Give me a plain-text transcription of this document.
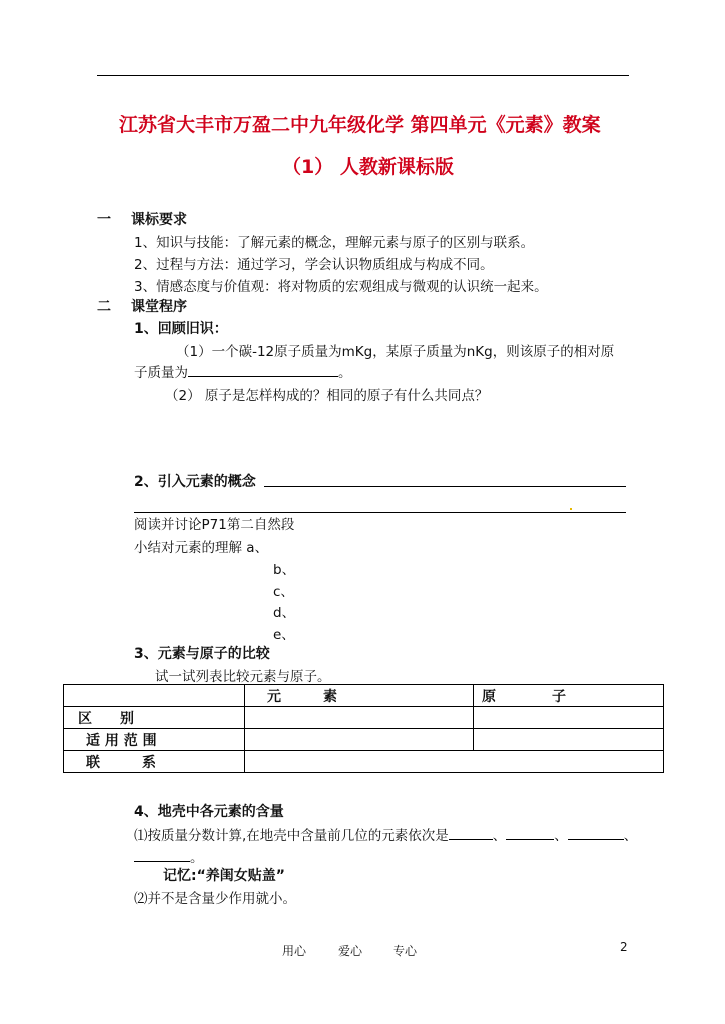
江苏省大丰市万盈二中九年级化学 第四单元《元素》教案
（1） 人教新课标版
一 课标要求
1、知识与技能：了解元素的概念，理解元素与原子的区别与联系。
2、过程与方法：通过学习，学会认识物质组成与构成不同。
3、情感态度与价值观：将对物质的宏观组成与微观的认识统一起来。
二 课堂程序
1、回顾旧识：
（1）一个碳-12原子质量为mKg，某原子质量为nKg，则该原子的相对原
子质量为	。
（2） 原子是怎样构成的？相同的原子有什么共同点？
2、引入元素的概念
阅读并讨论P71第二自然段
小结对元素的理解 a、
b、
c、
d、
e、
3、元素与原子的比较
试一试列表比较元素与原子。
	元　　　素	原　　　　子
区　　别		
适 用 范 围		
联　　　系		
4、地壳中各元素的含量
⑴按质量分数计算,在地壳中含量前几位的元素依次是	、	、	、
。
记忆:“养闺女贴盖”
⑵并不是含量少作用就小。
用心	爱心	专心	2
